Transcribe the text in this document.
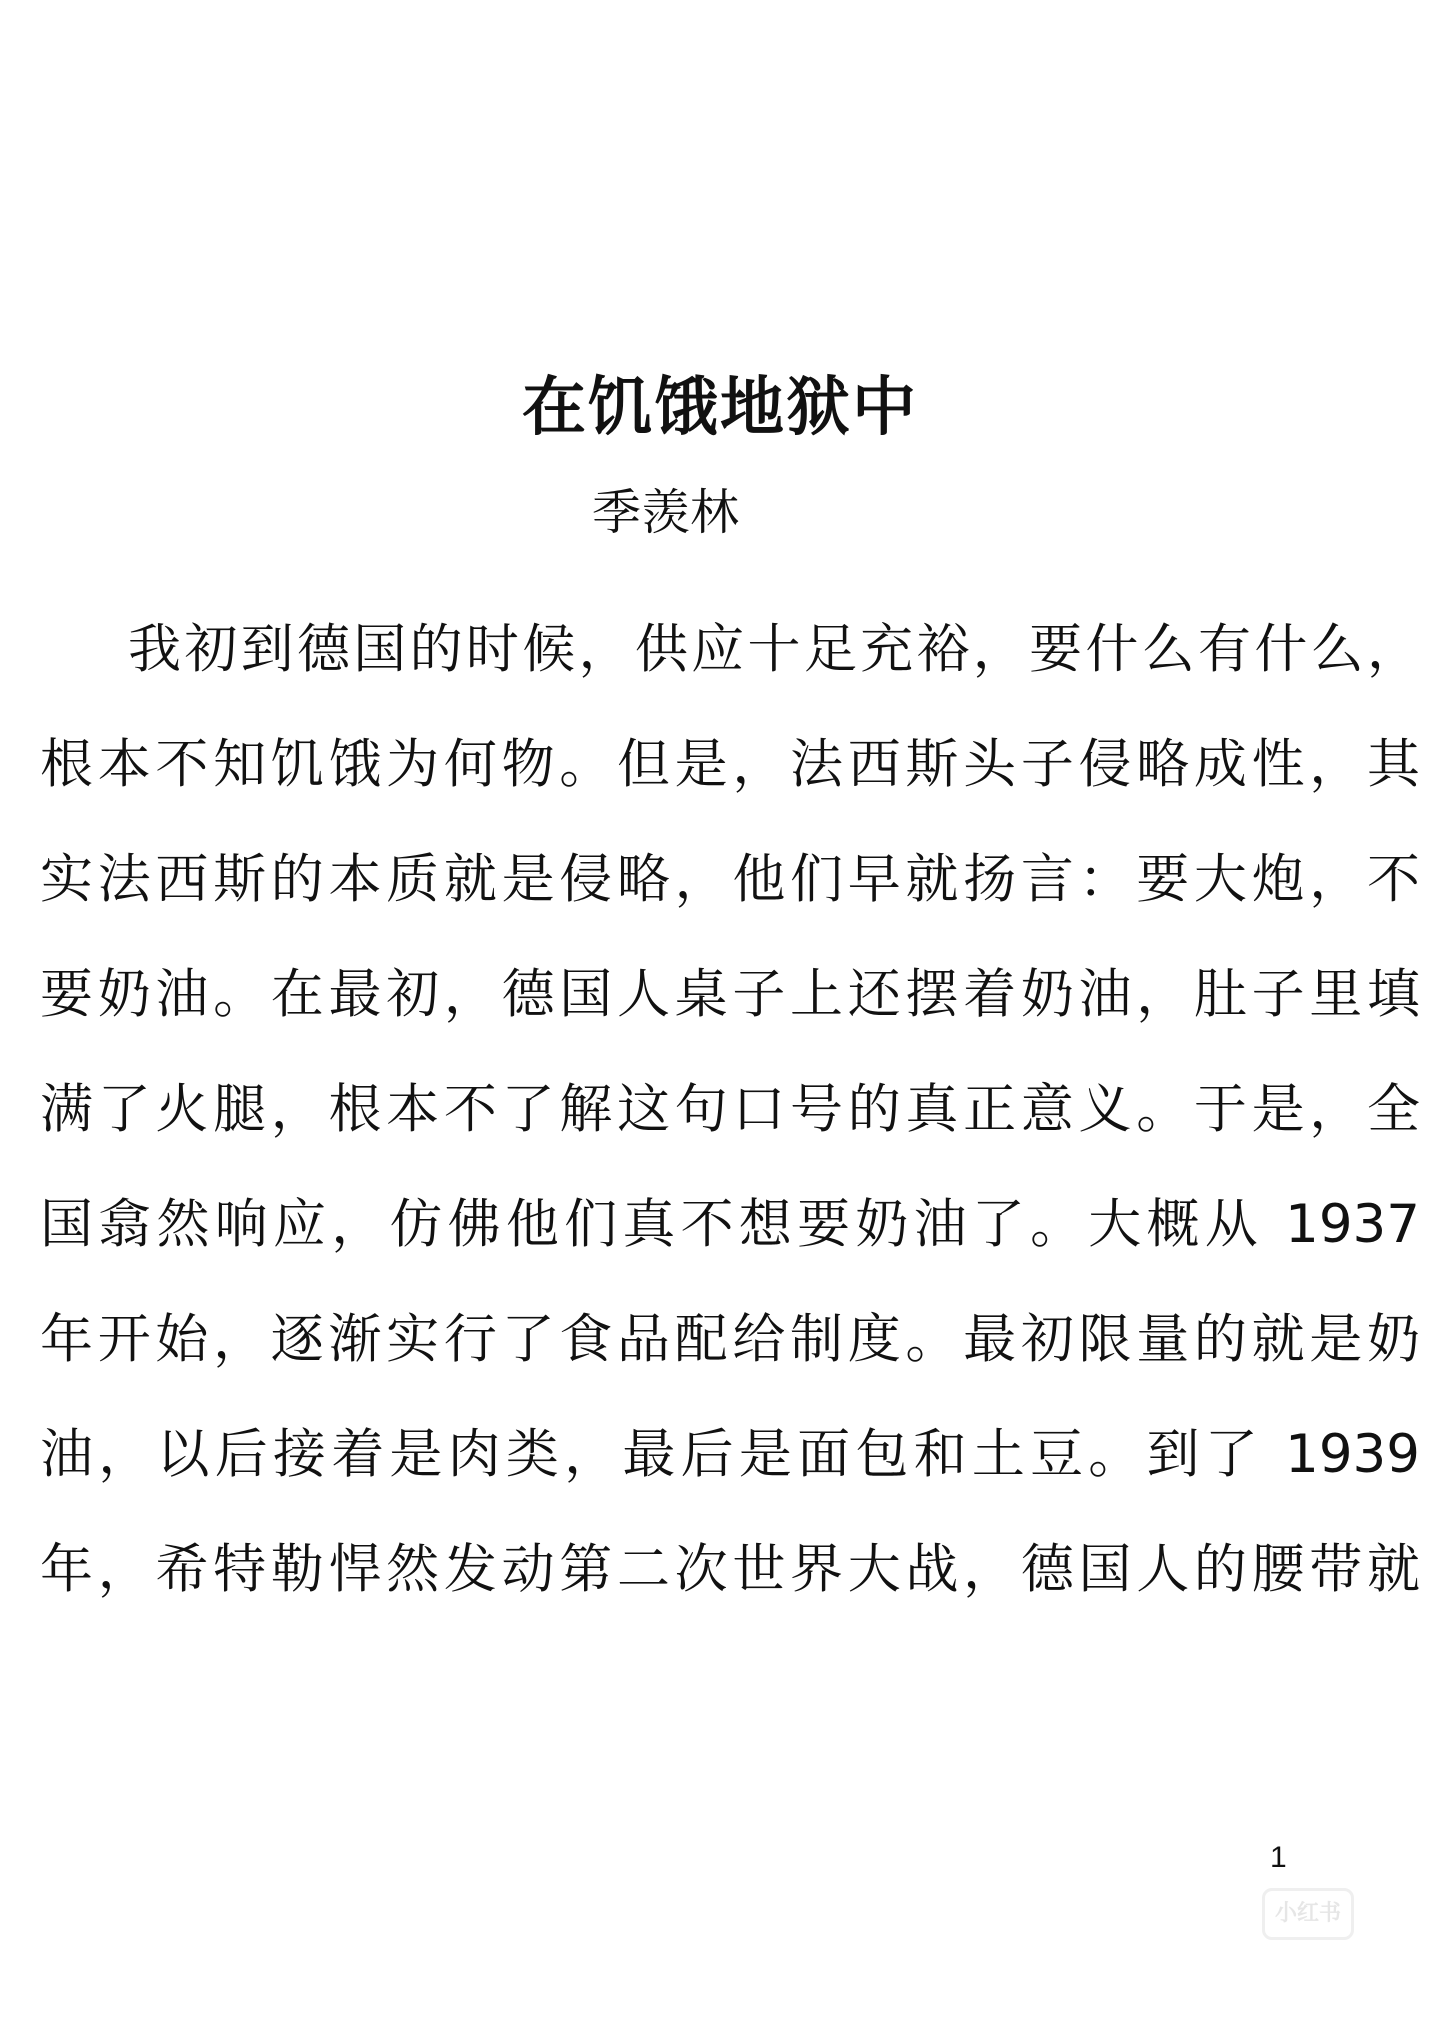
在饥饿地狱中
季羡林
我初到德国的时候，供应十足充裕，要什么有什么，
根本不知饥饿为何物。但是，法西斯头子侵略成性，其
实法西斯的本质就是侵略，他们早就扬言：要大炮，不
要奶油。在最初，德国人桌子上还摆着奶油，肚子里填
满了火腿，根本不了解这句口号的真正意义。于是，全
国翕然响应，仿佛他们真不想要奶油了。大概从 1937
年开始，逐渐实行了食品配给制度。最初限量的就是奶
油，以后接着是肉类，最后是面包和土豆。到了 1939
年，希特勒悍然发动第二次世界大战，德国人的腰带就
1
小红书
